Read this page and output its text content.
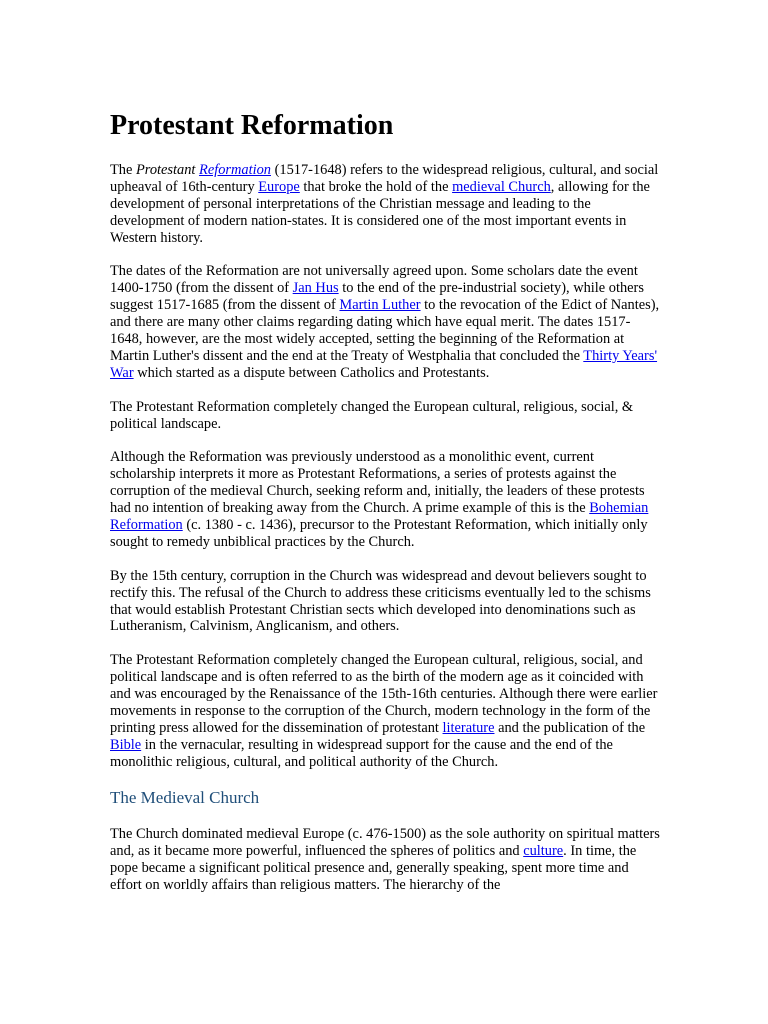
Protestant Reformation

The Protestant Reformation (1517-1648) refers to the widespread religious, cultural, and social upheaval of 16th-century Europe that broke the hold of the medieval Church, allowing for the development of personal interpretations of the Christian message and leading to the development of modern nation-states. It is considered one of the most important events in Western history.

The dates of the Reformation are not universally agreed upon. Some scholars date the event 1400-1750 (from the dissent of Jan Hus to the end of the pre-industrial society), while others suggest 1517-1685 (from the dissent of Martin Luther to the revocation of the Edict of Nantes), and there are many other claims regarding dating which have equal merit. The dates 1517-1648, however, are the most widely accepted, setting the beginning of the Reformation at Martin Luther's dissent and the end at the Treaty of Westphalia that concluded the Thirty Years' War which started as a dispute between Catholics and Protestants.

The Protestant Reformation completely changed the European cultural, religious, social, & political landscape.

Although the Reformation was previously understood as a monolithic event, current scholarship interprets it more as Protestant Reformations, a series of protests against the corruption of the medieval Church, seeking reform and, initially, the leaders of these protests had no intention of breaking away from the Church. A prime example of this is the Bohemian Reformation (c. 1380 - c. 1436), precursor to the Protestant Reformation, which initially only sought to remedy unbiblical practices by the Church.

By the 15th century, corruption in the Church was widespread and devout believers sought to rectify this. The refusal of the Church to address these criticisms eventually led to the schisms that would establish Protestant Christian sects which developed into denominations such as Lutheranism, Calvinism, Anglicanism, and others.

The Protestant Reformation completely changed the European cultural, religious, social, and political landscape and is often referred to as the birth of the modern age as it coincided with and was encouraged by the Renaissance of the 15th-16th centuries. Although there were earlier movements in response to the corruption of the Church, modern technology in the form of the printing press allowed for the dissemination of protestant literature and the publication of the Bible in the vernacular, resulting in widespread support for the cause and the end of the monolithic religious, cultural, and political authority of the Church.

The Medieval Church

The Church dominated medieval Europe (c. 476-1500) as the sole authority on spiritual matters and, as it became more powerful, influenced the spheres of politics and culture. In time, the pope became a significant political presence and, generally speaking, spent more time and effort on worldly affairs than religious matters. The hierarchy of the
